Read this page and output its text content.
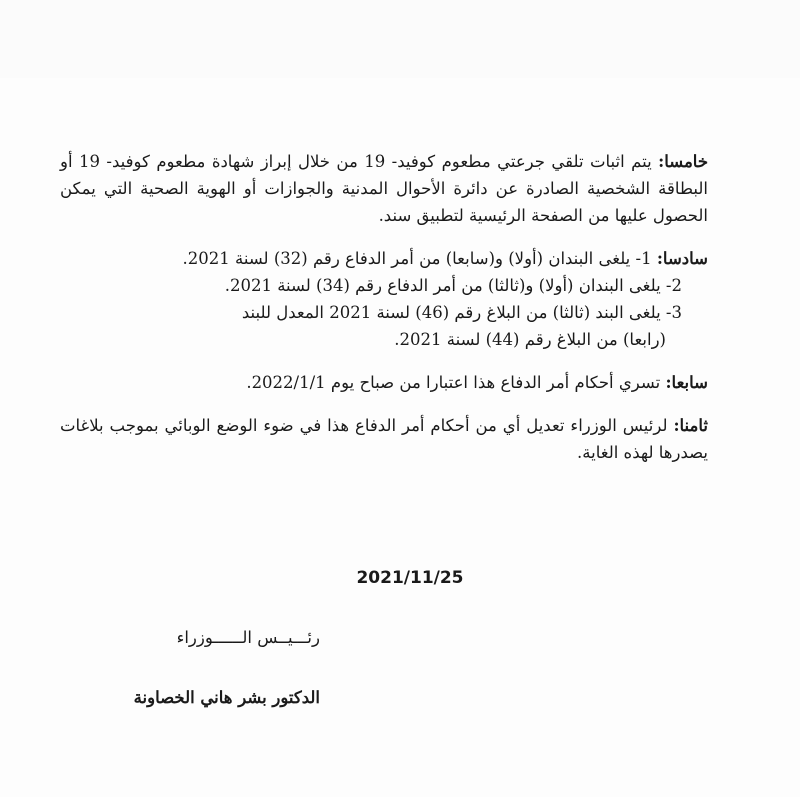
خامسا: يتم اثبات تلقي جرعتي مطعوم كوفيد- 19 من خلال إبراز شهادة مطعوم كوفيد- 19 أو البطاقة الشخصية الصادرة عن دائرة الأحوال المدنية والجوازات أو الهوية الصحية التي يمكن الحصول عليها من الصفحة الرئيسية لتطبيق سند.

سادسا: 1- يلغى البندان (أولا) و(سابعا) من أمر الدفاع رقم (32) لسنة 2021.
2- يلغى البندان (أولا) و(ثالثا) من أمر الدفاع رقم (34) لسنة 2021.
3- يلغى البند (ثالثا) من البلاغ رقم (46) لسنة 2021 المعدل للبند
(رابعا) من البلاغ رقم (44) لسنة 2021.

سابعا: تسري أحكام أمر الدفاع هذا اعتبارا من صباح يوم 2022/1/1.

ثامنا: لرئيس الوزراء تعديل أي من أحكام أمر الدفاع هذا في ضوء الوضع الوبائي بموجب بلاغات يصدرها لهذه الغاية.

2021/11/25
رئـــيــس الــــــوزراء
الدكتور بشر هاني الخصاونة
